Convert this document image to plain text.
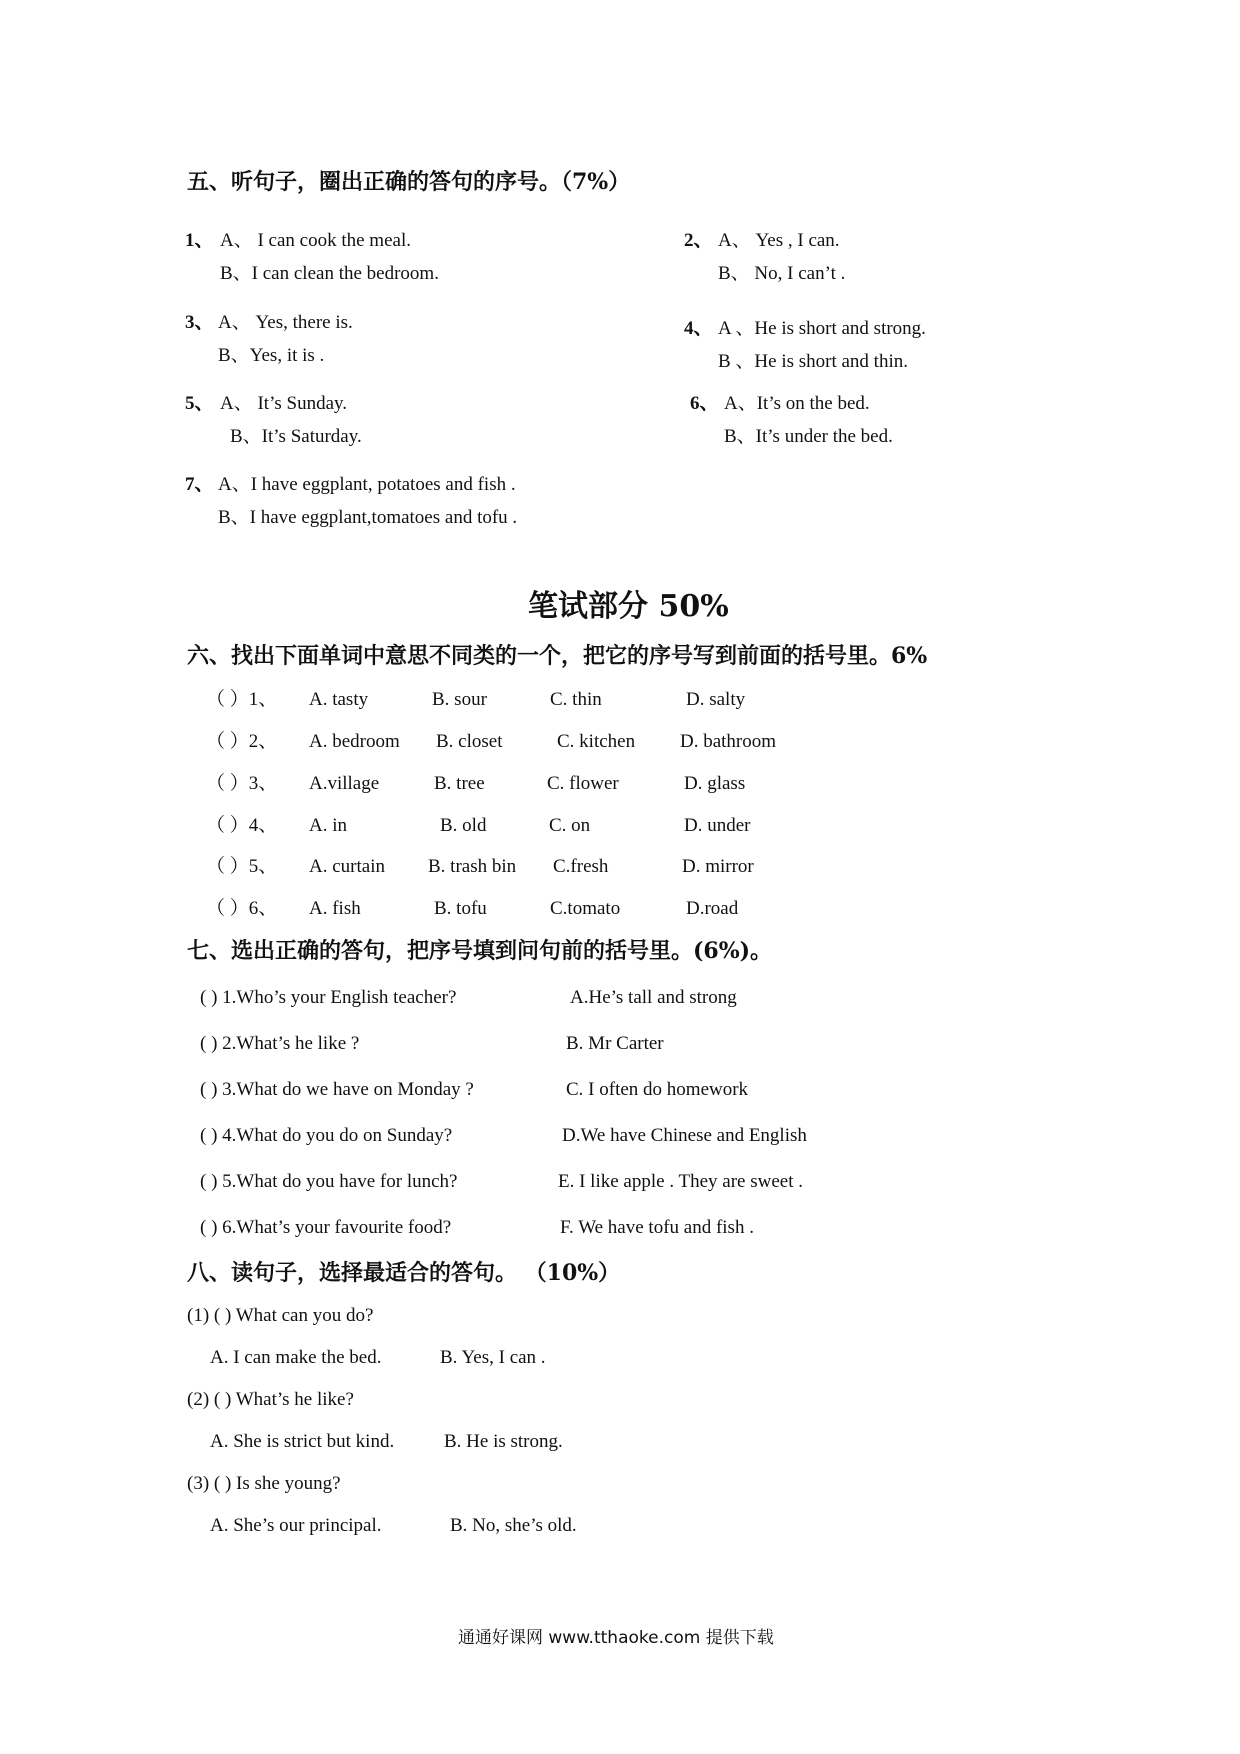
五、听句子，圈出正确的答句的序号。（7%）
1、 A、 I can cook the meal.
B、I can clean the bedroom.
2、 A、 Yes , I can.
B、 No, I can’t .
3、 A、 Yes, there is.
B、Yes, it is .
4、 A 、He is short and strong.
B 、He is short and thin.
5、 A、 It’s Sunday.
B、It’s Saturday.
6、 A、It’s on the bed.
B、It’s under the bed.
7、 A、I have eggplant, potatoes and fish .
B、I have eggplant,tomatoes and tofu .
笔试部分 50%
六、找出下面单词中意思不同类的一个，把它的序号写到前面的括号里。6%
（ ）1、 A. tasty	B. sour	C. thin	D. salty
（ ）2、 A. bedroom B. closet	C. kitchen D. bathroom
（ ）3、 A.village	B. tree	C. flower	D. glass
（ ）4、 A. in	B. old	C. on	D. under
（ ）5、 A. curtain B. trash bin C.fresh	D. mirror
（ ）6、 A. fish	B. tofu	C.tomato	D.road
七、选出正确的答句，把序号填到问句前的括号里。(6%)。
( ) 1.Who’s your English teacher?	A.He’s tall and strong
( ) 2.What’s he like ?	B. Mr Carter
( ) 3.What do we have on Monday ?	C. I often do homework
( ) 4.What do you do on Sunday?	D.We have Chinese and English
( ) 5.What do you have for lunch?	E. I like apple . They are sweet .
( ) 6.What’s your favourite food?	F. We have tofu and fish .
八、读句子，选择最适合的答句。 （10%）
(1) ( ) What can you do?
A. I can make the bed.	B. Yes, I can .
(2) ( ) What’s he like?
A. She is strict but kind.	B. He is strong.
(3) ( ) Is she young?
A. She’s our principal.	B. No, she’s old.
通通好课网 www.tthaoke.com 提供下载
